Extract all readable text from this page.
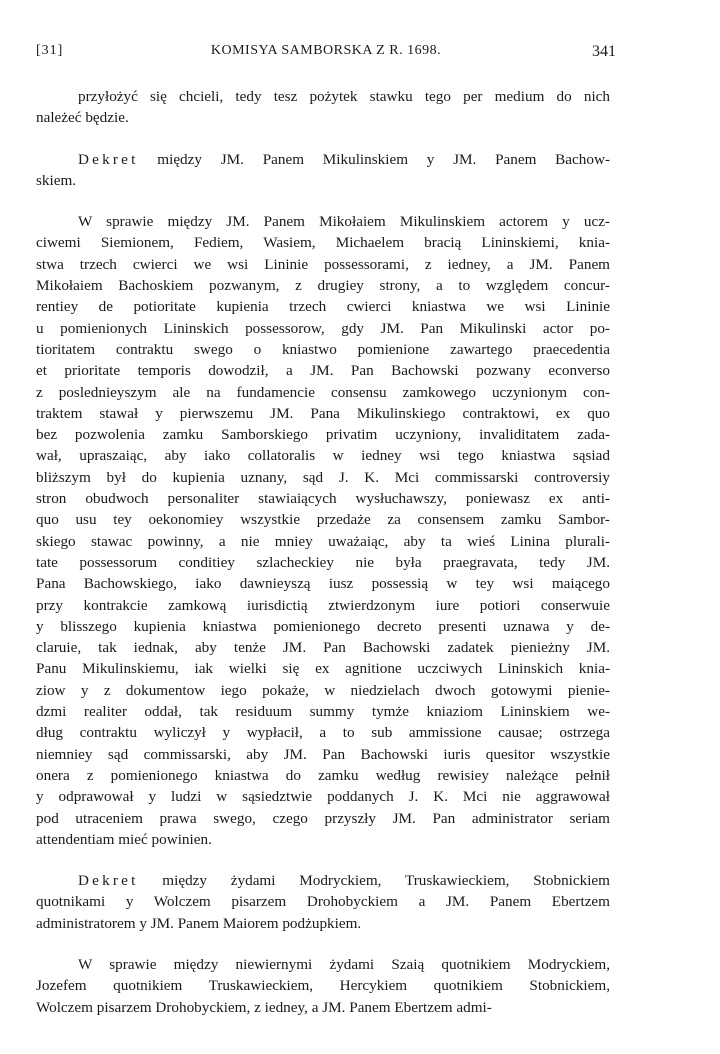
[31]	KOMISYA SAMBORSKA Z R. 1698.	341
przyłożyć się chcieli, tedy tesz pożytek stawku tego per medium do nich
należeć będzie.
Dekret między JM. Panem Mikulinskiem y JM. Panem Bachow-
skiem.
W sprawie między JM. Panem Mikołaiem Mikulinskiem actorem y ucz-
ciwemi Siemionem, Fediem, Wasiem, Michaelem bracią Lininskiemi, knia-
stwa trzech cwierci we wsi Lininie possessorami, z iedney, a JM. Panem
Mikołaiem Bachoskiem pozwanym, z drugiey strony, a to względem concur-
rentiey de potioritate kupienia trzech cwierci kniastwa we wsi Lininie
u pomienionych Lininskich possessorow, gdy JM. Pan Mikulinski actor po-
tioritatem contraktu swego o kniastwo pomienione zawartego praecedentia
et prioritate temporis dowodził, a JM. Pan Bachowski pozwany econverso
z poslednieyszym ale na fundamencie consensu zamkowego uczynionym con-
traktem stawał y pierwszemu JM. Pana Mikulinskiego contraktowi, ex quo
bez pozwolenia zamku Samborskiego privatim uczyniony, invaliditatem zada-
wał, upraszaiąc, aby iako collatoralis w iedney wsi tego kniastwa sąsiad
bliższym był do kupienia uznany, sąd J. K. Mci commissarski controversiy
stron obudwoch personaliter stawiaiących wysłuchawszy, poniewasz ex anti-
quo usu tey oekonomiey wszystkie przedaże za consensem zamku Sambor-
skiego stawac powinny, a nie mniey uważaiąc, aby ta wieś Linina plurali-
tate possessorum conditiey szlacheckiey nie była praegravata, tedy JM.
Pana Bachowskiego, iako dawnieyszą iusz possessią w tey wsi maiącego
przy kontrakcie zamkową iurisdictią ztwierdzonym iure potiori conserwuie
y blisszego kupienia kniastwa pomienionego decreto presenti uznawa y de-
claruie, tak iednak, aby tenże JM. Pan Bachowski zadatek pienieżny JM.
Panu Mikulinskiemu, iak wielki się ex agnitione uczciwych Lininskich knia-
ziow y z dokumentow iego pokaże, w niedzielach dwoch gotowymi pienie-
dzmi realiter oddał, tak residuum summy tymże kniaziom Lininskiem we-
dług contraktu wyliczył y wypłacił, a to sub ammissione causae; ostrzega
niemniey sąd commissarski, aby JM. Pan Bachowski iuris quesitor wszystkie
onera z pomienionego kniastwa do zamku według rewisiey należące pełnił
y odprawował y ludzi w sąsiedztwie poddanych J. K. Mci nie aggrawował
pod utraceniem prawa swego, czego przyszły JM. Pan administrator seriam
attendentiam mieć powinien.
Dekret między żydami Modryckiem, Truskawieckiem, Stobnickiem
quotnikami y Wolczem pisarzem Drohobyckiem a JM. Panem Ebertzem
administratorem y JM. Panem Maiorem podżupkiem.
W sprawie między niewiernymi żydami Szaią quotnikiem Modryckiem,
Jozefem quotnikiem Truskawieckiem, Hercykiem quotnikiem Stobnickiem,
Wolczem pisarzem Drohobyckiem, z iedney, a JM. Panem Ebertzem admi-
